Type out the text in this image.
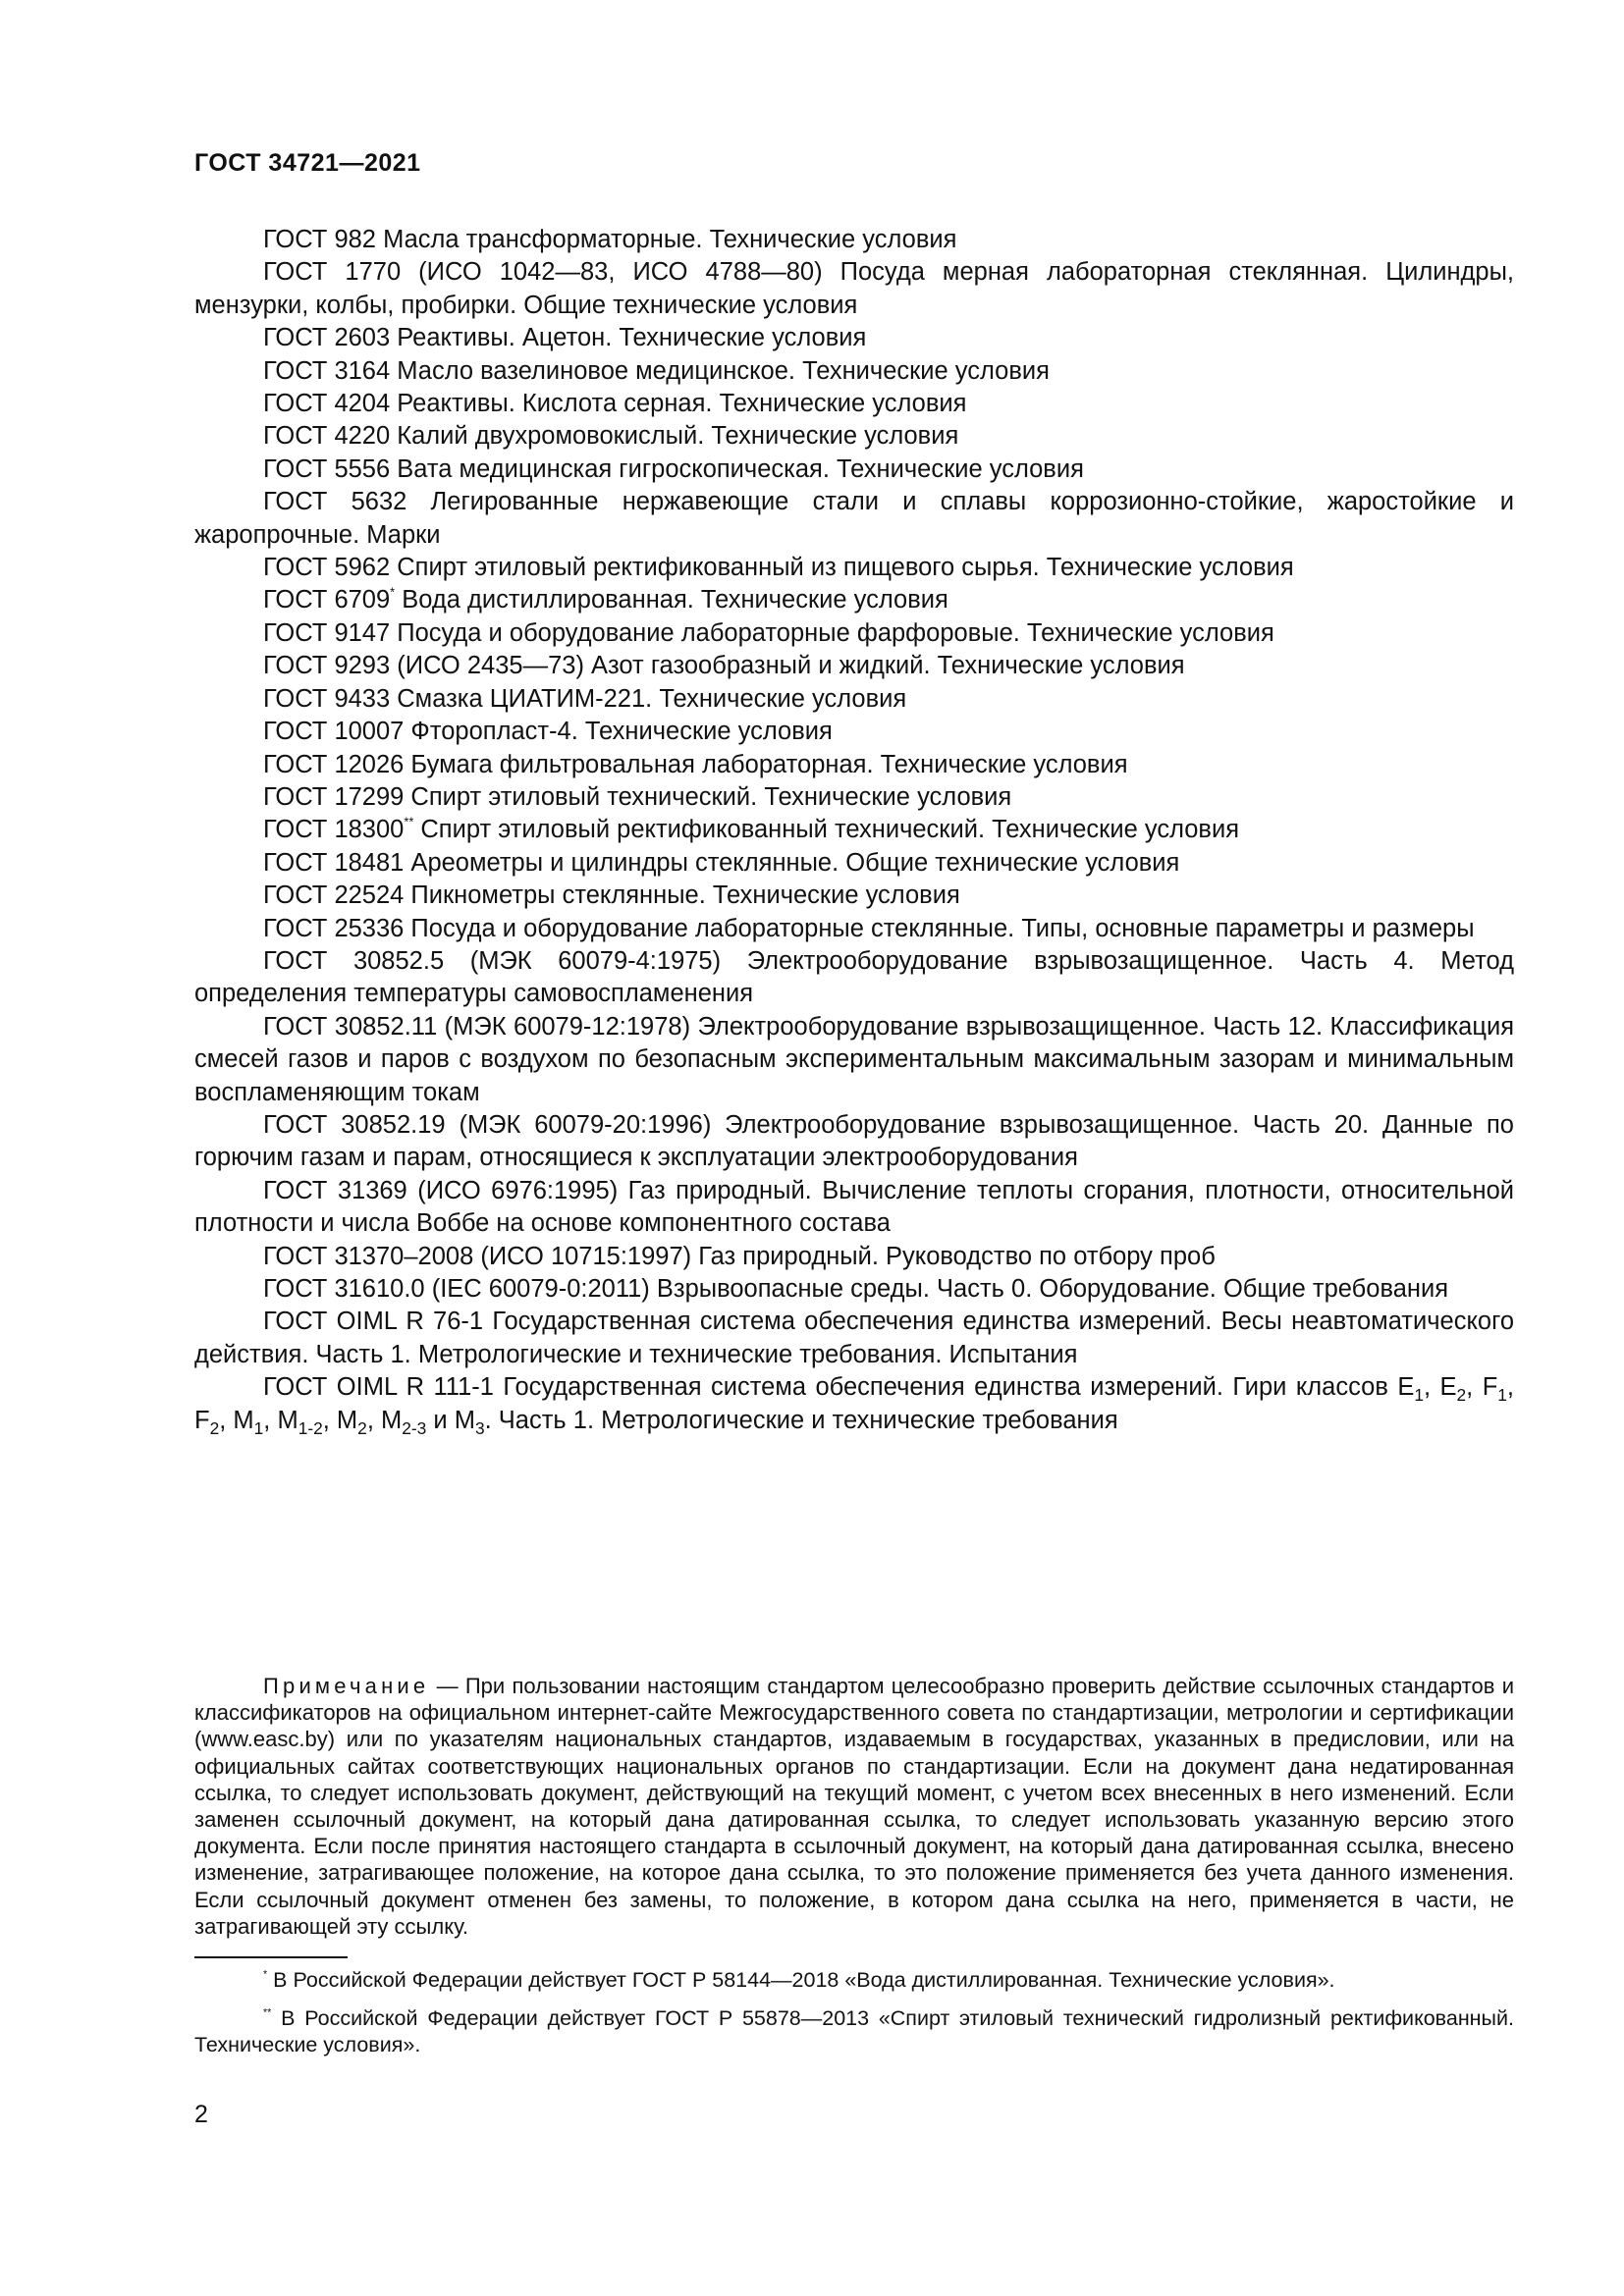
ГОСТ 34721—2021

ГОСТ 982 Масла трансформаторные. Технические условия

ГОСТ 1770 (ИСО 1042—83, ИСО 4788—80) Посуда мерная лабораторная стеклянная. Цилиндры, мензурки, колбы, пробирки. Общие технические условия

ГОСТ 2603 Реактивы. Ацетон. Технические условия

ГОСТ 3164 Масло вазелиновое медицинское. Технические условия

ГОСТ 4204 Реактивы. Кислота серная. Технические условия

ГОСТ 4220 Калий двухромовокислый. Технические условия

ГОСТ 5556 Вата медицинская гигроскопическая. Технические условия

ГОСТ 5632 Легированные нержавеющие стали и сплавы коррозионно-стойкие, жаростойкие и жаропрочные. Марки

ГОСТ 5962 Спирт этиловый ректификованный из пищевого сырья. Технические условия

ГОСТ 6709* Вода дистиллированная. Технические условия

ГОСТ 9147 Посуда и оборудование лабораторные фарфоровые. Технические условия

ГОСТ 9293 (ИСО 2435—73) Азот газообразный и жидкий. Технические условия

ГОСТ 9433 Смазка ЦИАТИМ-221. Технические условия

ГОСТ 10007 Фторопласт-4. Технические условия

ГОСТ 12026 Бумага фильтровальная лабораторная. Технические условия

ГОСТ 17299 Спирт этиловый технический. Технические условия

ГОСТ 18300** Спирт этиловый ректификованный технический. Технические условия

ГОСТ 18481 Ареометры и цилиндры стеклянные. Общие технические условия

ГОСТ 22524 Пикнометры стеклянные. Технические условия

ГОСТ 25336 Посуда и оборудование лабораторные стеклянные. Типы, основные параметры и размеры

ГОСТ 30852.5 (МЭК 60079-4:1975) Электрооборудование взрывозащищенное. Часть 4. Метод определения температуры самовоспламенения

ГОСТ 30852.11 (МЭК 60079-12:1978) Электрооборудование взрывозащищенное. Часть 12. Классификация смесей газов и паров с воздухом по безопасным экспериментальным максимальным зазорам и минимальным воспламеняющим токам

ГОСТ 30852.19 (МЭК 60079-20:1996) Электрооборудование взрывозащищенное. Часть 20. Данные по горючим газам и парам, относящиеся к эксплуатации электрооборудования

ГОСТ 31369 (ИСО 6976:1995) Газ природный. Вычисление теплоты сгорания, плотности, относительной плотности и числа Воббе на основе компонентного состава

ГОСТ 31370–2008 (ИСО 10715:1997) Газ природный. Руководство по отбору проб

ГОСТ 31610.0 (IEC 60079-0:2011) Взрывоопасные среды. Часть 0. Оборудование. Общие требования

ГОСТ OIML R 76-1 Государственная система обеспечения единства измерений. Весы неавтоматического действия. Часть 1. Метрологические и технические требования. Испытания

ГОСТ OIML R 111-1 Государственная система обеспечения единства измерений. Гири классов $E_1$, $E_2$, $F_1$, $F_2$, $M_1$, $M_{1-2}$, $M_2$, $M_{2-3}$ и $M_3$. Часть 1. Метрологические и технические требования

Примечание — При пользовании настоящим стандартом целесообразно проверить действие ссылочных стандартов и классификаторов на официальном интернет-сайте Межгосударственного совета по стандартизации, метрологии и сертификации (www.easc.by) или по указателям национальных стандартов, издаваемым в государствах, указанных в предисловии, или на официальных сайтах соответствующих национальных органов по стандартизации. Если на документ дана недатированная ссылка, то следует использовать документ, действующий на текущий момент, с учетом всех внесенных в него изменений. Если заменен ссылочный документ, на который дана датированная ссылка, то следует использовать указанную версию этого документа. Если после принятия настоящего стандарта в ссылочный документ, на который дана датированная ссылка, внесено изменение, затрагивающее положение, на которое дана ссылка, то это положение применяется без учета данного изменения. Если ссылочный документ отменен без замены, то положение, в котором дана ссылка на него, применяется в части, не затрагивающей эту ссылку.

* В Российской Федерации действует ГОСТ Р 58144—2018 «Вода дистиллированная. Технические условия».

** В Российской Федерации действует ГОСТ Р 55878—2013 «Спирт этиловый технический гидролизный ректификованный. Технические условия».

2
